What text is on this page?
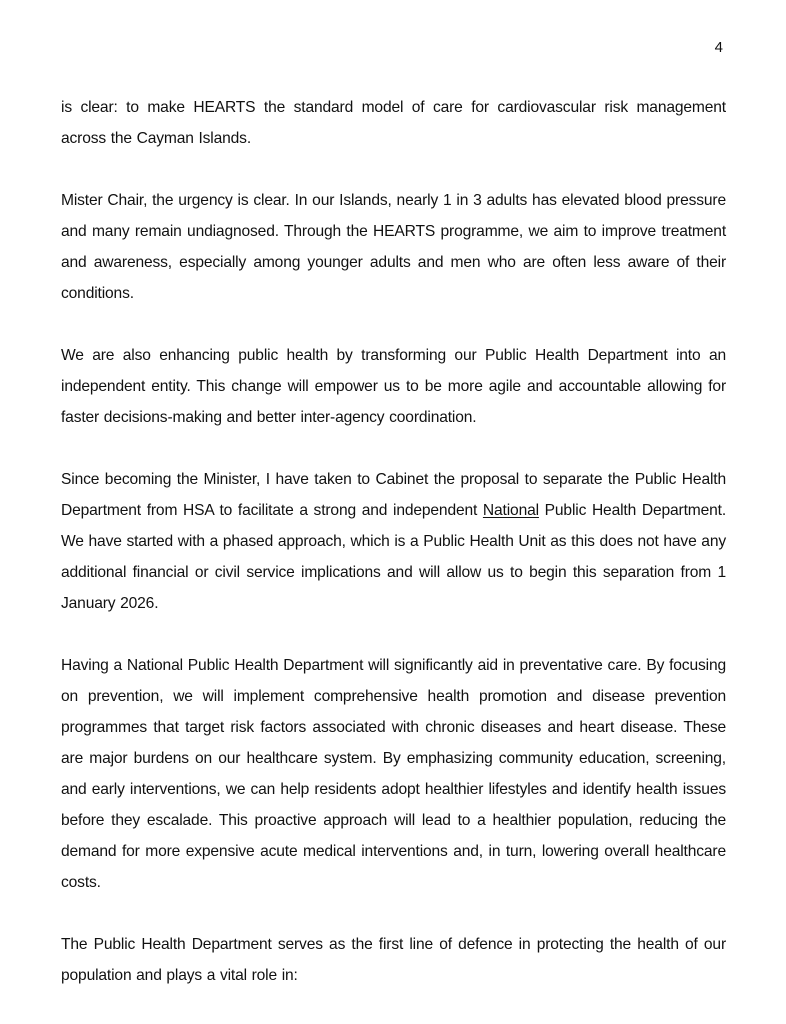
4

is clear: to make HEARTS the standard model of care for cardiovascular risk management across the Cayman Islands.

Mister Chair, the urgency is clear. In our Islands, nearly 1 in 3 adults has elevated blood pressure and many remain undiagnosed. Through the HEARTS programme, we aim to improve treatment and awareness, especially among younger adults and men who are often less aware of their conditions.

We are also enhancing public health by transforming our Public Health Department into an independent entity. This change will empower us to be more agile and accountable allowing for faster decisions-making and better inter-agency coordination.

Since becoming the Minister, I have taken to Cabinet the proposal to separate the Public Health Department from HSA to facilitate a strong and independent National Public Health Department. We have started with a phased approach, which is a Public Health Unit as this does not have any additional financial or civil service implications and will allow us to begin this separation from 1 January 2026.

Having a National Public Health Department will significantly aid in preventative care. By focusing on prevention, we will implement comprehensive health promotion and disease prevention programmes that target risk factors associated with chronic diseases and heart disease. These are major burdens on our healthcare system. By emphasizing community education, screening, and early interventions, we can help residents adopt healthier lifestyles and identify health issues before they escalade. This proactive approach will lead to a healthier population, reducing the demand for more expensive acute medical interventions and, in turn, lowering overall healthcare costs.

The Public Health Department serves as the first line of defence in protecting the health of our population and plays a vital role in:
